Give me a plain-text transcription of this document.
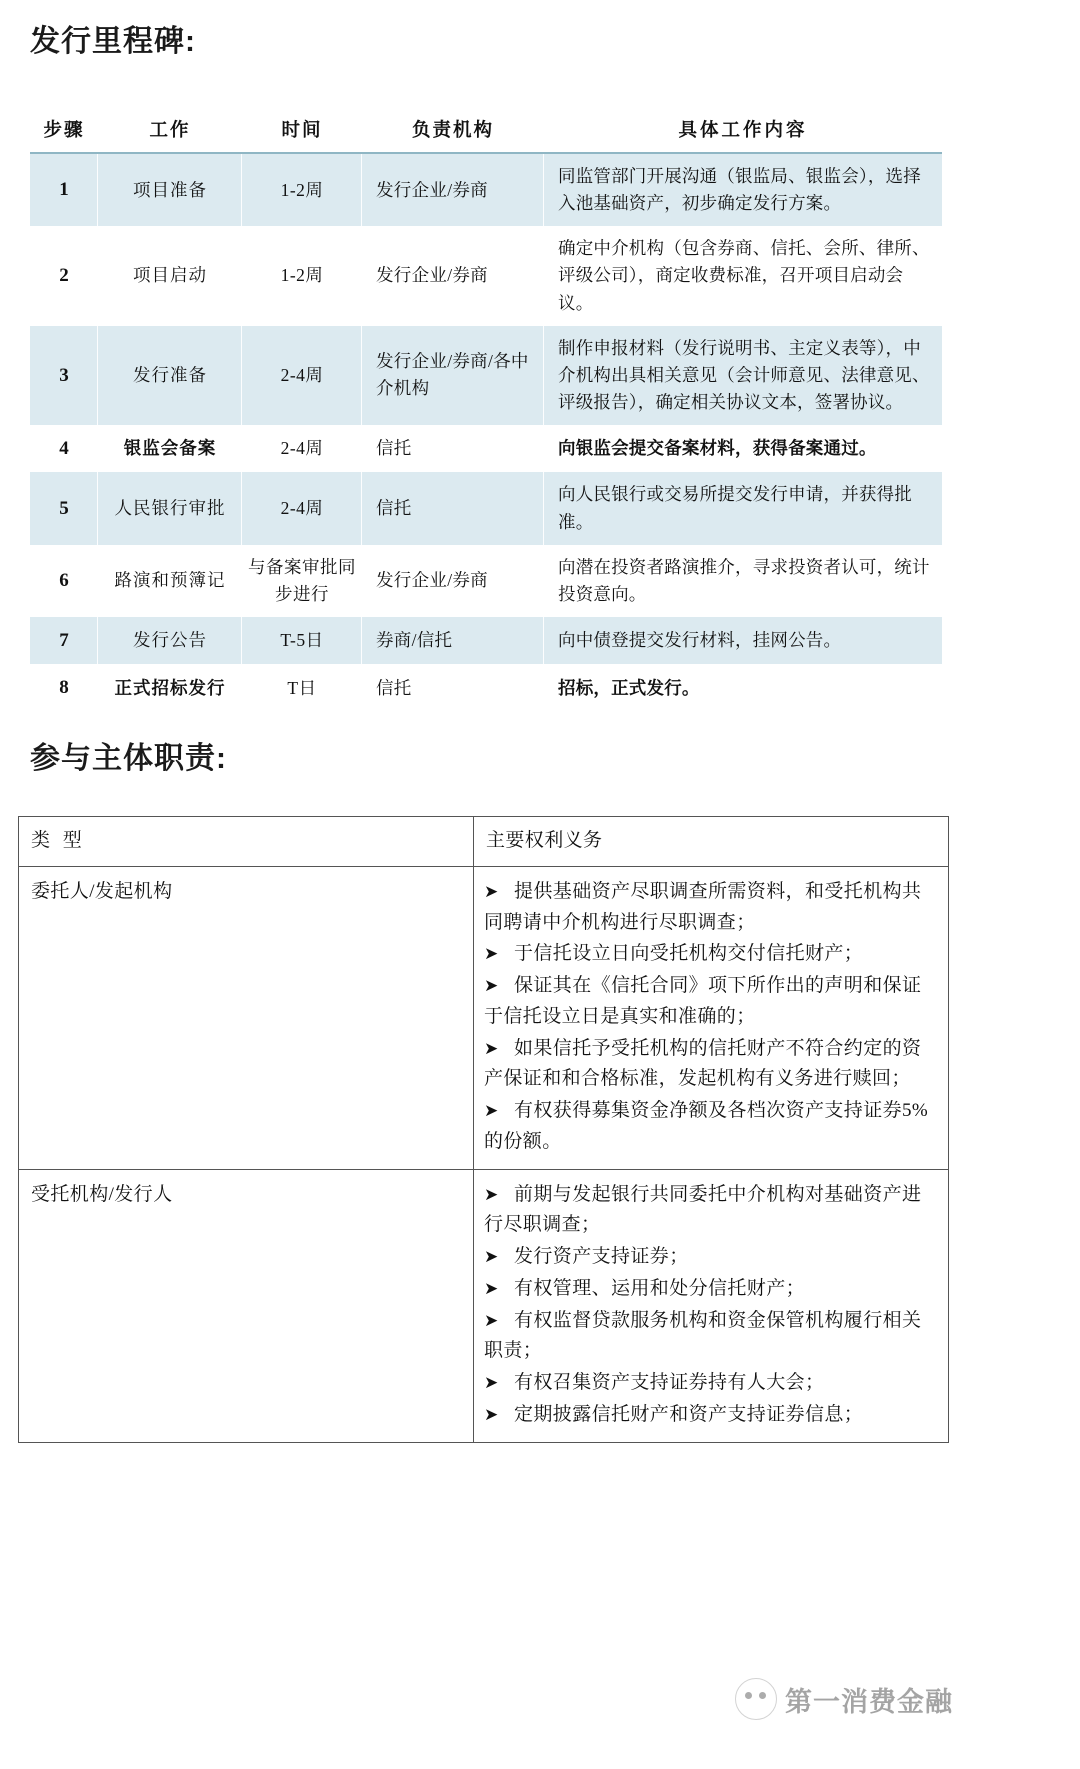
发行里程碑:
步骤	工作	时间	负责机构	具体工作内容
1	项目准备	1-2周	发行企业/券商	同监管部门开展沟通（银监局、银监会），选择入池基础资产，初步确定发行方案。
2	项目启动	1-2周	发行企业/券商	确定中介机构（包含券商、信托、会所、律所、评级公司），商定收费标准，召开项目启动会议。
3	发行准备	2-4周	发行企业/券商/各中介机构	制作申报材料（发行说明书、主定义表等），中介机构出具相关意见（会计师意见、法律意见、评级报告），确定相关协议文本，签署协议。
4	银监会备案	2-4周	信托	向银监会提交备案材料，获得备案通过。
5	人民银行审批	2-4周	信托	向人民银行或交易所提交发行申请，并获得批准。
6	路演和预簿记	与备案审批同步进行	发行企业/券商	向潜在投资者路演推介，寻求投资者认可，统计投资意向。
7	发行公告	T-5日	券商/信托	向中债登提交发行材料，挂网公告。
8	正式招标发行	T日	信托	招标，正式发行。
参与主体职责:
类 型	主要权利义务
委托人/发起机构	➤ 提供基础资产尽职调查所需资料，和受托机构共同聘请中介机构进行尽职调查；
➤ 于信托设立日向受托机构交付信托财产；
➤ 保证其在《信托合同》项下所作出的声明和保证于信托设立日是真实和准确的；
➤ 如果信托予受托机构的信托财产不符合约定的资产保证和和合格标准，发起机构有义务进行赎回；
➤ 有权获得募集资金净额及各档次资产支持证券5%的份额。

受托机构/发行人	➤ 前期与发起银行共同委托中介机构对基础资产进行尽职调查；
➤ 发行资产支持证券；
➤ 有权管理、运用和处分信托财产；
➤ 有权监督贷款服务机构和资金保管机构履行相关职责；
➤ 有权召集资产支持证券持有人大会；
➤ 定期披露信托财产和资产支持证券信息；
第一消费金融
